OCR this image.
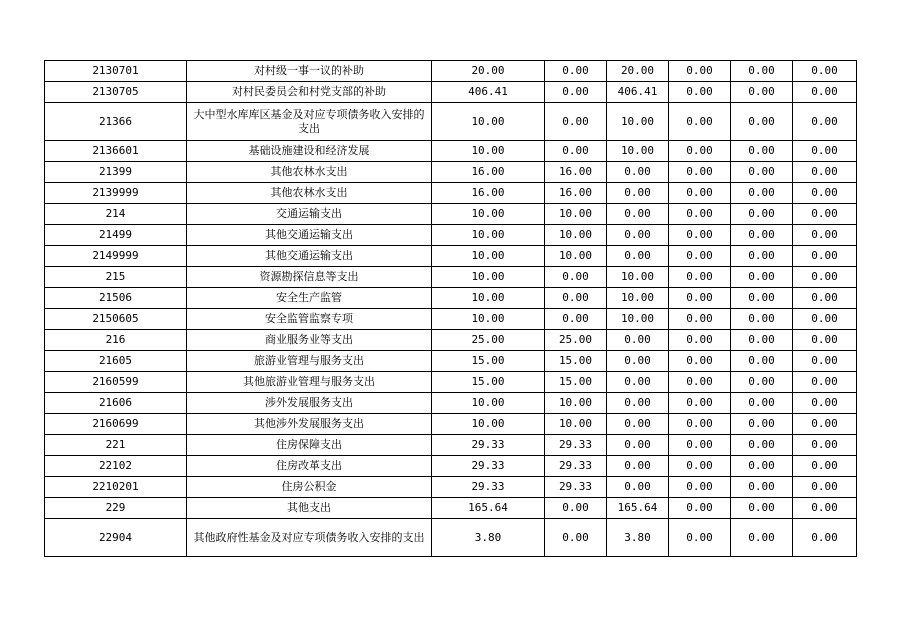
2130701	对村级一事一议的补助	20.00	0.00	20.00	0.00	0.00	0.00
2130705	对村民委员会和村党支部的补助	406.41	0.00	406.41	0.00	0.00	0.00
21366	大中型水库库区基金及对应专项债务收入安排的支出	10.00	0.00	10.00	0.00	0.00	0.00
2136601	基础设施建设和经济发展	10.00	0.00	10.00	0.00	0.00	0.00
21399	其他农林水支出	16.00	16.00	0.00	0.00	0.00	0.00
2139999	其他农林水支出	16.00	16.00	0.00	0.00	0.00	0.00
214	交通运输支出	10.00	10.00	0.00	0.00	0.00	0.00
21499	其他交通运输支出	10.00	10.00	0.00	0.00	0.00	0.00
2149999	其他交通运输支出	10.00	10.00	0.00	0.00	0.00	0.00
215	资源勘探信息等支出	10.00	0.00	10.00	0.00	0.00	0.00
21506	安全生产监管	10.00	0.00	10.00	0.00	0.00	0.00
2150605	安全监管监察专项	10.00	0.00	10.00	0.00	0.00	0.00
216	商业服务业等支出	25.00	25.00	0.00	0.00	0.00	0.00
21605	旅游业管理与服务支出	15.00	15.00	0.00	0.00	0.00	0.00
2160599	其他旅游业管理与服务支出	15.00	15.00	0.00	0.00	0.00	0.00
21606	涉外发展服务支出	10.00	10.00	0.00	0.00	0.00	0.00
2160699	其他涉外发展服务支出	10.00	10.00	0.00	0.00	0.00	0.00
221	住房保障支出	29.33	29.33	0.00	0.00	0.00	0.00
22102	住房改革支出	29.33	29.33	0.00	0.00	0.00	0.00
2210201	住房公积金	29.33	29.33	0.00	0.00	0.00	0.00
229	其他支出	165.64	0.00	165.64	0.00	0.00	0.00
22904	其他政府性基金及对应专项债务收入安排的支出	3.80	0.00	3.80	0.00	0.00	0.00
